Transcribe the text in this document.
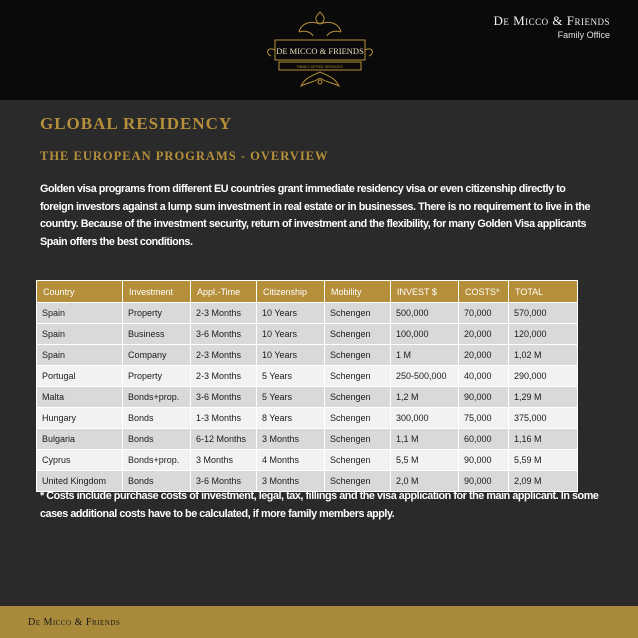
DE MICCO & FRIENDS
FAMILY OFFICE SERVICES
De Micco & Friends
Family Office
GLOBAL RESIDENCY
THE EUROPEAN PROGRAMS - OVERVIEW
Golden visa programs from different EU countries grant immediate residency visa or even citizenship directly to foreign investors against a lump sum investment in real estate or in businesses. There is no requirement to live in the country. Because of the investment security, return of investment and the flexibility, for many Golden Visa applicants Spain offers the best conditions.
Country	Investment	Appl.-Time	Citizenship	Mobility	INVEST $	COSTS*	TOTAL
Spain	Property	2-3 Months	10 Years	Schengen	500,000	70,000	570,000
Spain	Business	3-6 Months	10 Years	Schengen	100,000	20,000	120,000
Spain	Company	2-3 Months	10 Years	Schengen	1 M	20,000	1,02 M
Portugal	Property	2-3 Months	5 Years	Schengen	250-500,000	40,000	290,000
Malta	Bonds+prop.	3-6 Months	5 Years	Schengen	1,2 M	90,000	1,29 M
Hungary	Bonds	1-3 Months	8 Years	Schengen	300,000	75,000	375,000
Bulgaria	Bonds	6-12 Months	3 Months	Schengen	1,1 M	60,000	1,16 M
Cyprus	Bonds+prop.	3 Months	4 Months	Schengen	5,5 M	90,000	5,59 M
United Kingdom	Bonds	3-6 Months	3 Months	Schengen	2,0 M	90,000	2,09 M
* Costs include purchase costs of investment, legal, tax, fillings and the visa application for the main applicant. In some cases additional costs have to be calculated, if more family members apply.
De Micco & Friends
